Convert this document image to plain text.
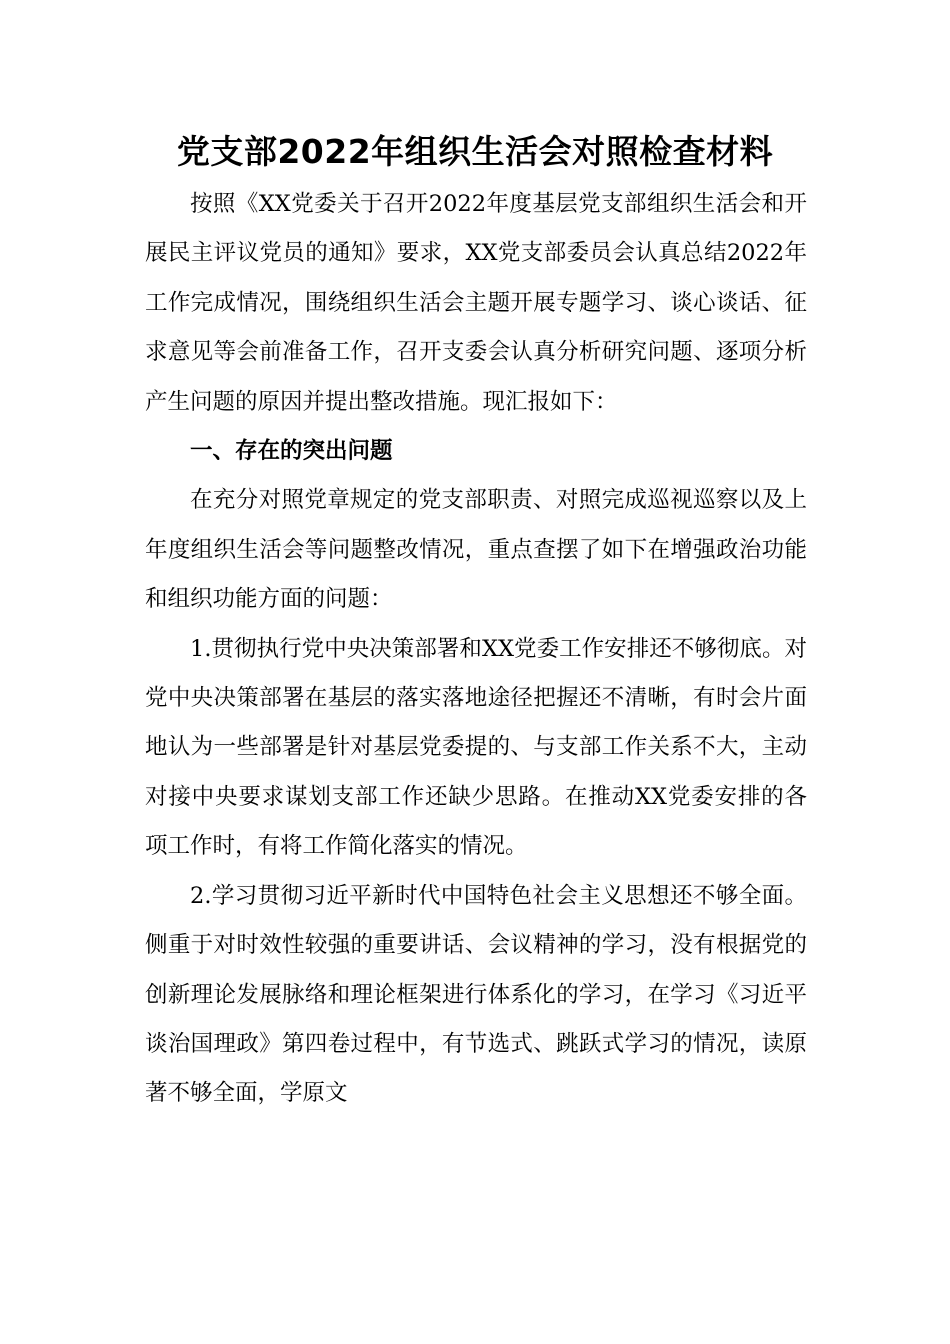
党支部2022年组织生活会对照检查材料

按照《XX党委关于召开2022年度基层党支部组织生活会和开展民主评议党员的通知》要求，XX党支部委员会认真总结2022年工作完成情况，围绕组织生活会主题开展专题学习、谈心谈话、征求意见等会前准备工作，召开支委会认真分析研究问题、逐项分析产生问题的原因并提出整改措施。现汇报如下：

一、存在的突出问题

在充分对照党章规定的党支部职责、对照完成巡视巡察以及上年度组织生活会等问题整改情况，重点查摆了如下在增强政治功能和组织功能方面的问题：

1.贯彻执行党中央决策部署和XX党委工作安排还不够彻底。对党中央决策部署在基层的落实落地途径把握还不清晰，有时会片面地认为一些部署是针对基层党委提的、与支部工作关系不大，主动对接中央要求谋划支部工作还缺少思路。在推动XX党委安排的各项工作时，有将工作简化落实的情况。

2.学习贯彻习近平新时代中国特色社会主义思想还不够全面。侧重于对时效性较强的重要讲话、会议精神的学习，没有根据党的创新理论发展脉络和理论框架进行体系化的学习，在学习《习近平谈治国理政》第四卷过程中，有节选式、跳跃式学习的情况，读原著不够全面，学原文
